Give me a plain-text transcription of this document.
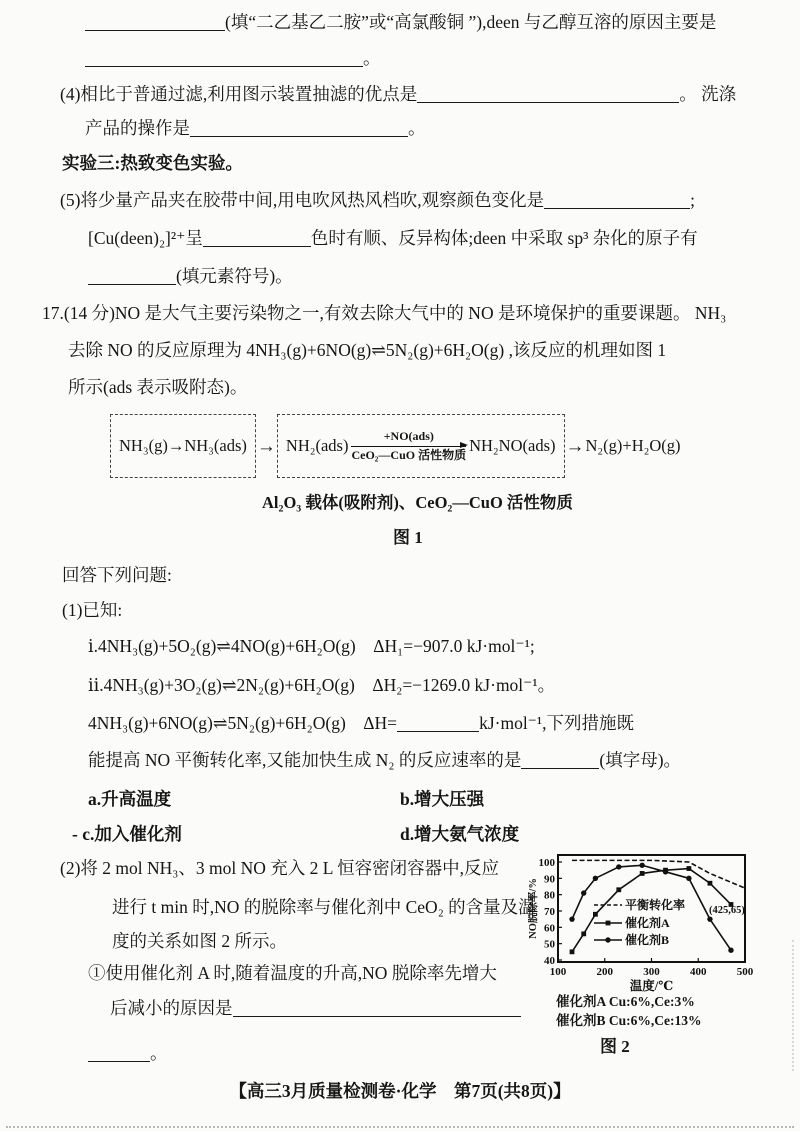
(填“二乙基乙二胺”或“高氯酸铜 ”),deen 与乙醇互溶的原因主要是
。
(4)相比于普通过滤,利用图示装置抽滤的优点是	。 洗涤
产品的操作是	。
实验三:热致变色实验。
(5)将少量产品夹在胶带中间,用电吹风热风档吹,观察颜色变化是	;
[Cu(deen)₂]²⁺呈	色时有顺、反异构体;deen 中采取 sp³ 杂化的原子有
(填元素符号)。
17.(14 分)NO 是大气主要污染物之一,有效去除大气中的 NO 是环境保护的重要课题。 NH₃
去除 NO 的反应原理为 4NH₃(g)+6NO(g)⇌5N₂(g)+6H₂O(g) ,该反应的机理如图 1
所示(ads 表示吸附态)。
NH₃(g)→NH₃(ads) → NH₂(ads)
+NO(ads)
CeO₂—CuO 活性物质 NH₂NO(ads) → N₂(g)+H₂O(g)
Al₂O₃ 载体(吸附剂)、CeO₂—CuO 活性物质
图 1
回答下列问题:
(1)已知:
ⅰ.4NH₃(g)+5O₂(g)⇌4NO(g)+6H₂O(g)　ΔH₁=−907.0 kJ·mol⁻¹;
ⅱ.4NH₃(g)+3O₂(g)⇌2N₂(g)+6H₂O(g)　ΔH₂=−1269.0 kJ·mol⁻¹。
4NH₃(g)+6NO(g)⇌5N₂(g)+6H₂O(g)　ΔH=	kJ·mol⁻¹,下列措施既
能提高 NO 平衡转化率,又能加快生成 N₂ 的反应速率的是	(填字母)。
a.升高温度	b.增大压强
- c.加入催化剂	d.增大氨气浓度
(2)将 2 mol NH₃、3 mol NO 充入 2 L 恒容密闭容器中,反应
进行 t min 时,NO 的脱除率与催化剂中 CeO₂ 的含量及温
度的关系如图 2 所示。
①使用催化剂 A 时,随着温度的升高,NO 脱除率先增大
后减小的原因是
。
40
50
60
70
80
90
100
100	200	300	400	500
温度/℃
NO脱除率/%	平衡转化率
催化剂A
催化剂B
(425,65)
催化剂A Cu:6%,Ce:3%
催化剂B Cu:6%,Ce:13%
图 2
【高三3月质量检测卷·化学　第7页(共8页)】
